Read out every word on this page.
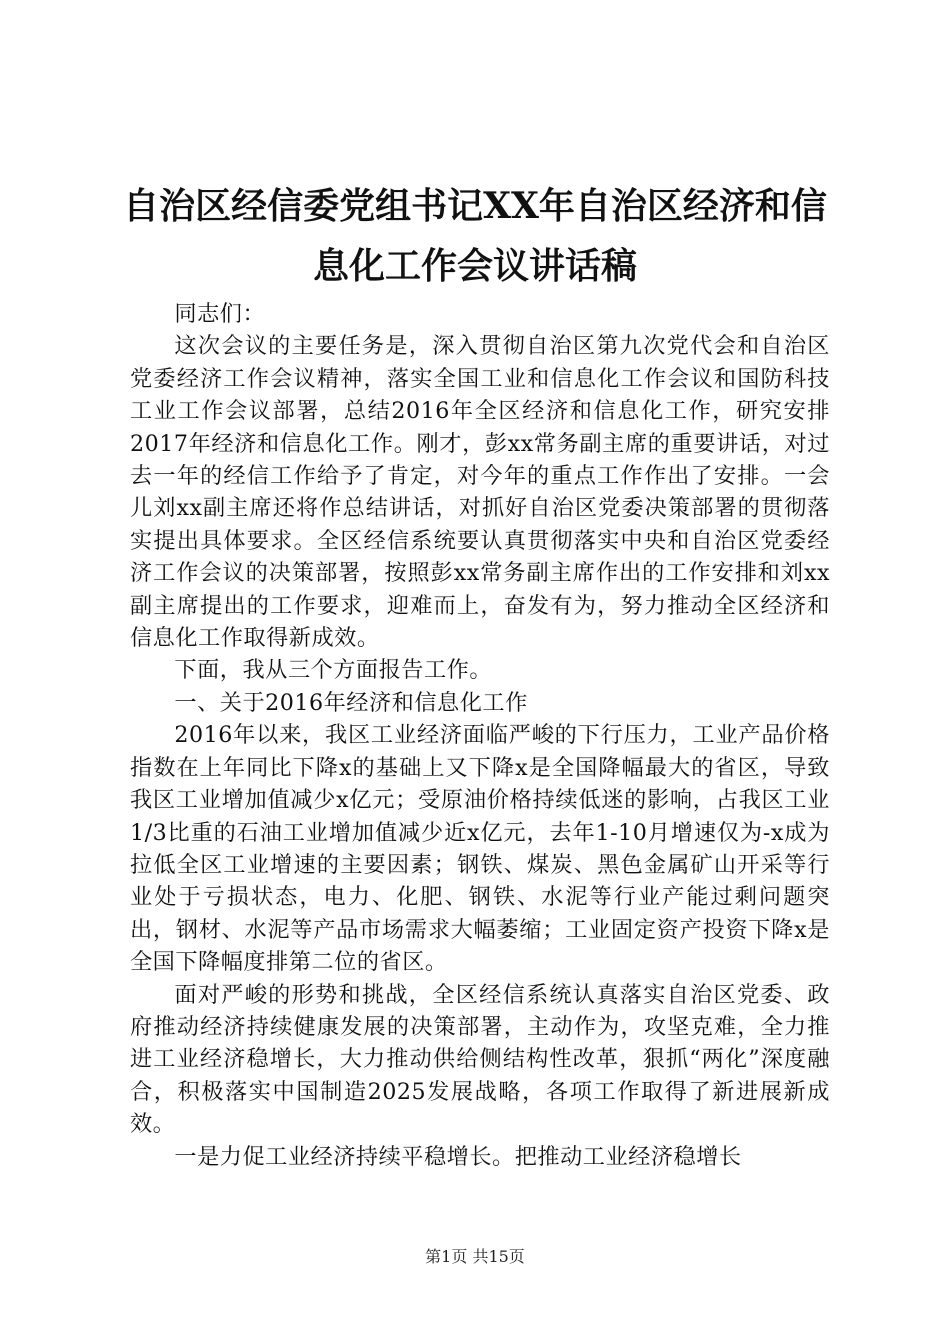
自治区经信委党组书记XX年自治区经济和信息化工作会议讲话稿

同志们：

这次会议的主要任务是，深入贯彻自治区第九次党代会和自治区党委经济工作会议精神，落实全国工业和信息化工作会议和国防科技工业工作会议部署，总结2016年全区经济和信息化工作，研究安排2017年经济和信息化工作。刚才，彭xx常务副主席的重要讲话，对过去一年的经信工作给予了肯定，对今年的重点工作作出了安排。一会儿刘xx副主席还将作总结讲话，对抓好自治区党委决策部署的贯彻落实提出具体要求。全区经信系统要认真贯彻落实中央和自治区党委经济工作会议的决策部署，按照彭xx常务副主席作出的工作安排和刘xx副主席提出的工作要求，迎难而上，奋发有为，努力推动全区经济和信息化工作取得新成效。

下面，我从三个方面报告工作。

一、关于2016年经济和信息化工作

2016年以来，我区工业经济面临严峻的下行压力，工业产品价格指数在上年同比下降x的基础上又下降x是全国降幅最大的省区，导致我区工业增加值减少x亿元；受原油价格持续低迷的影响，占我区工业1/3比重的石油工业增加值减少近x亿元，去年1-10月增速仅为-x成为拉低全区工业增速的主要因素；钢铁、煤炭、黑色金属矿山开采等行业处于亏损状态，电力、化肥、钢铁、水泥等行业产能过剩问题突出，钢材、水泥等产品市场需求大幅萎缩；工业固定资产投资下降x是全国下降幅度排第二位的省区。

面对严峻的形势和挑战，全区经信系统认真落实自治区党委、政府推动经济持续健康发展的决策部署，主动作为，攻坚克难，全力推进工业经济稳增长，大力推动供给侧结构性改革，狠抓“两化”深度融合，积极落实中国制造2025发展战略，各项工作取得了新进展新成效。

一是力促工业经济持续平稳增长。把推动工业经济稳增长

第1页 共15页
